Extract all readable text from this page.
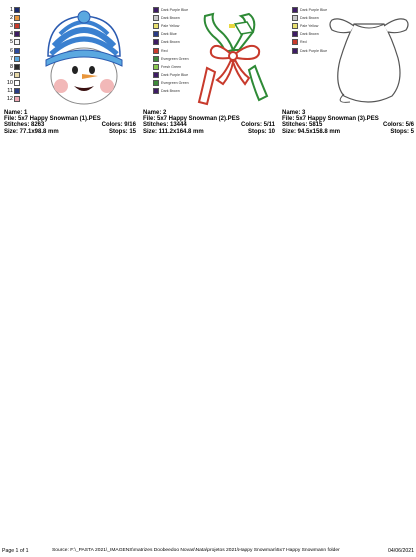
1
2
3
4
5
6
7
8
9
10
11
12
Name: 1
File: 5x7 Happy Snowman (1).PES
Stitches: 8263	Colors: 9/16
Size: 77.1x98.8 mm	Stops: 15
Dark Purple Blue
Dark Brown
Pale Yellow
Dark Blue
Dark Brown
Red
Evergreen Green
Fresh Green
Dark Purple Blue
Evergreen Green
Dark Brown
Name: 2
File: 5x7 Happy Snowman (2).PES
Stitches: 13444	Colors: 5/11
Size: 111.2x164.8 mm	Stops: 10
Dark Purple Blue
Dark Brown
Pale Yellow
Dark Brown
Red
Dark Purple Blue
Name: 3
File: 5x7 Happy Snowman (3).PES
Stitches: 5815	Colors: 5/6
Size: 94.5x158.8 mm	Stops: 5
Page 1 of 1	Source: F:\_PASTA 2021\_IMAGENS\matrizes Doobeedoo Novas\Nata\projetos 2021\Happy Snowman\5x7 Happy Snowmann folder	04/06/2021
